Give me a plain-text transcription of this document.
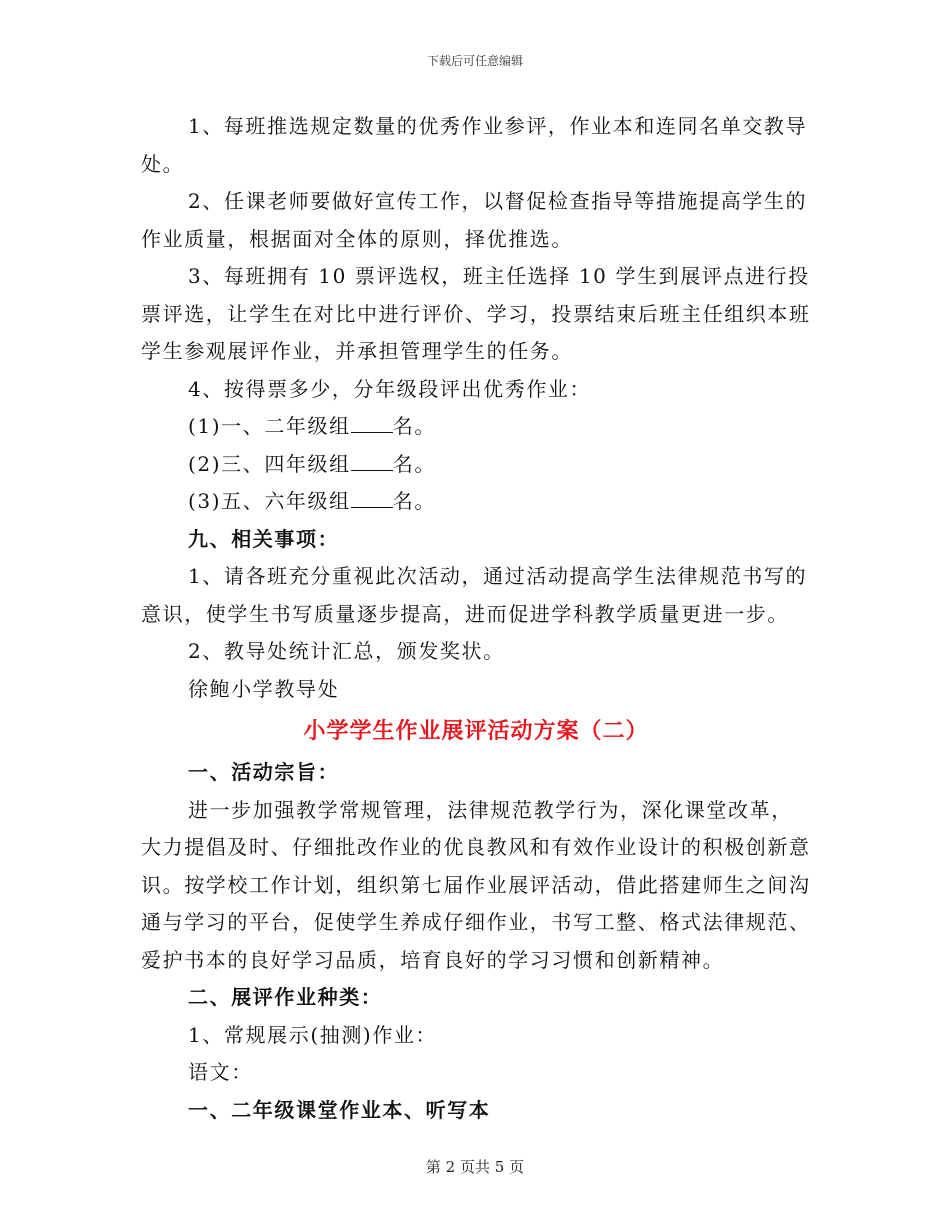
下载后可任意编辑

1、每班推选规定数量的优秀作业参评，作业本和连同名单交教导处。

2、任课老师要做好宣传工作，以督促检查指导等措施提高学生的作业质量，根据面对全体的原则，择优推选。

3、每班拥有 10 票评选权，班主任选择 10 学生到展评点进行投票评选，让学生在对比中进行评价、学习，投票结束后班主任组织本班学生参观展评作业，并承担管理学生的任务。

4、按得票多少，分年级段评出优秀作业：

(1)一、二年级组 名。

(2)三、四年级组 名。

(3)五、六年级组 名。

九、相关事项：

1、请各班充分重视此次活动，通过活动提高学生法律规范书写的意识，使学生书写质量逐步提高，进而促进学科教学质量更进一步。

2、教导处统计汇总，颁发奖状。

徐鲍小学教导处

小学学生作业展评活动方案（二）

一、活动宗旨：

进一步加强教学常规管理，法律规范教学行为，深化课堂改革，大力提倡及时、仔细批改作业的优良教风和有效作业设计的积极创新意识。按学校工作计划，组织第七届作业展评活动，借此搭建师生之间沟通与学习的平台，促使学生养成仔细作业，书写工整、格式法律规范、爱护书本的良好学习品质，培育良好的学习习惯和创新精神。

二、展评作业种类：

1、常规展示(抽测)作业：

语文：

一、二年级课堂作业本、听写本

第 2 页共 5 页
